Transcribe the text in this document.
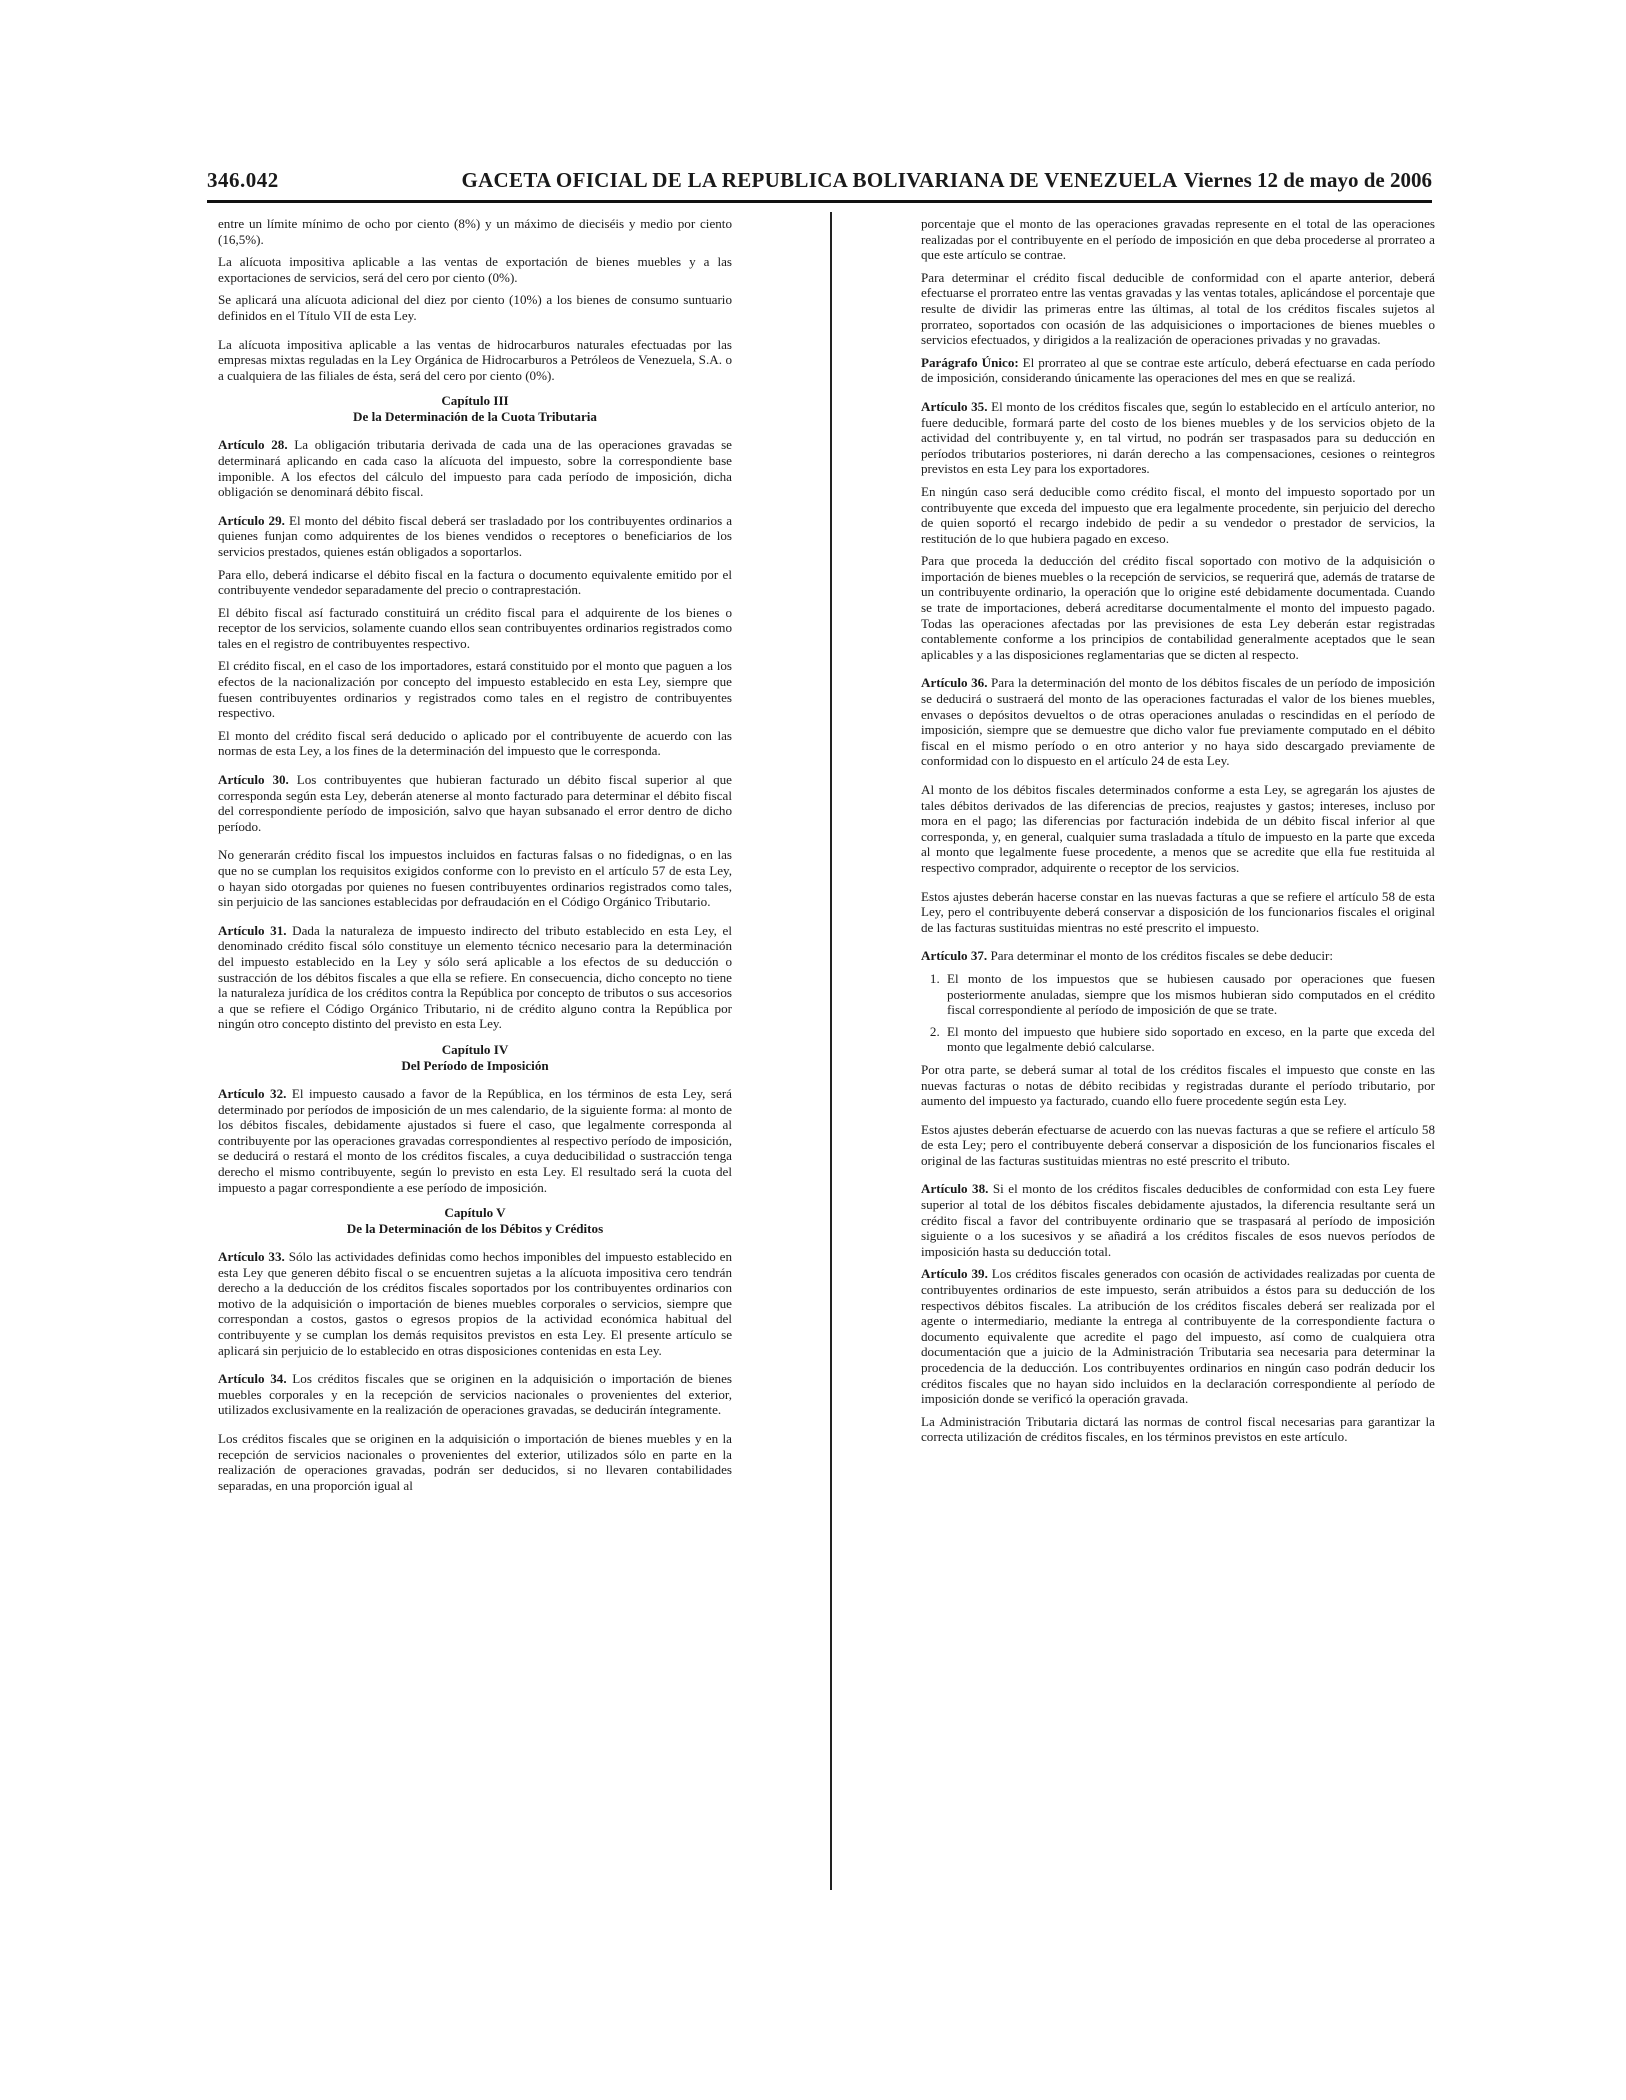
346.042	GACETA OFICIAL DE LA REPUBLICA BOLIVARIANA DE VENEZUELA Viernes 12 de mayo de 2006

entre un límite mínimo de ocho por ciento (8%) y un máximo de dieciséis y medio por ciento (16,5%).

La alícuota impositiva aplicable a las ventas de exportación de bienes muebles y a las exportaciones de servicios, será del cero por ciento (0%).

Se aplicará una alícuota adicional del diez por ciento (10%) a los bienes de consumo suntuario definidos en el Título VII de esta Ley.

La alícuota impositiva aplicable a las ventas de hidrocarburos naturales efectuadas por las empresas mixtas reguladas en la Ley Orgánica de Hidrocarburos a Petróleos de Venezuela, S.A. o a cualquiera de las filiales de ésta, será del cero por ciento (0%).

Capítulo III
De la Determinación de la Cuota Tributaria

Artículo 28. La obligación tributaria derivada de cada una de las operaciones gravadas se determinará aplicando en cada caso la alícuota del impuesto, sobre la correspondiente base imponible. A los efectos del cálculo del impuesto para cada período de imposición, dicha obligación se denominará débito fiscal.

Artículo 29. El monto del débito fiscal deberá ser trasladado por los contribuyentes ordinarios a quienes funjan como adquirentes de los bienes vendidos o receptores o beneficiarios de los servicios prestados, quienes están obligados a soportarlos.

Para ello, deberá indicarse el débito fiscal en la factura o documento equivalente emitido por el contribuyente vendedor separadamente del precio o contraprestación.

El débito fiscal así facturado constituirá un crédito fiscal para el adquirente de los bienes o receptor de los servicios, solamente cuando ellos sean contribuyentes ordinarios registrados como tales en el registro de contribuyentes respectivo.

El crédito fiscal, en el caso de los importadores, estará constituido por el monto que paguen a los efectos de la nacionalización por concepto del impuesto establecido en esta Ley, siempre que fuesen contribuyentes ordinarios y registrados como tales en el registro de contribuyentes respectivo.

El monto del crédito fiscal será deducido o aplicado por el contribuyente de acuerdo con las normas de esta Ley, a los fines de la determinación del impuesto que le corresponda.

Artículo 30. Los contribuyentes que hubieran facturado un débito fiscal superior al que corresponda según esta Ley, deberán atenerse al monto facturado para determinar el débito fiscal del correspondiente período de imposición, salvo que hayan subsanado el error dentro de dicho período.

No generarán crédito fiscal los impuestos incluidos en facturas falsas o no fidedignas, o en las que no se cumplan los requisitos exigidos conforme con lo previsto en el artículo 57 de esta Ley, o hayan sido otorgadas por quienes no fuesen contribuyentes ordinarios registrados como tales, sin perjuicio de las sanciones establecidas por defraudación en el Código Orgánico Tributario.

Artículo 31. Dada la naturaleza de impuesto indirecto del tributo establecido en esta Ley, el denominado crédito fiscal sólo constituye un elemento técnico necesario para la determinación del impuesto establecido en la Ley y sólo será aplicable a los efectos de su deducción o sustracción de los débitos fiscales a que ella se refiere. En consecuencia, dicho concepto no tiene la naturaleza jurídica de los créditos contra la República por concepto de tributos o sus accesorios a que se refiere el Código Orgánico Tributario, ni de crédito alguno contra la República por ningún otro concepto distinto del previsto en esta Ley.

Capítulo IV
Del Período de Imposición

Artículo 32. El impuesto causado a favor de la República, en los términos de esta Ley, será determinado por períodos de imposición de un mes calendario, de la siguiente forma: al monto de los débitos fiscales, debidamente ajustados si fuere el caso, que legalmente corresponda al contribuyente por las operaciones gravadas correspondientes al respectivo período de imposición, se deducirá o restará el monto de los créditos fiscales, a cuya deducibilidad o sustracción tenga derecho el mismo contribuyente, según lo previsto en esta Ley. El resultado será la cuota del impuesto a pagar correspondiente a ese período de imposición.

Capítulo V
De la Determinación de los Débitos y Créditos

Artículo 33. Sólo las actividades definidas como hechos imponibles del impuesto establecido en esta Ley que generen débito fiscal o se encuentren sujetas a la alícuota impositiva cero tendrán derecho a la deducción de los créditos fiscales soportados por los contribuyentes ordinarios con motivo de la adquisición o importación de bienes muebles corporales o servicios, siempre que correspondan a costos, gastos o egresos propios de la actividad económica habitual del contribuyente y se cumplan los demás requisitos previstos en esta Ley. El presente artículo se aplicará sin perjuicio de lo establecido en otras disposiciones contenidas en esta Ley.

Artículo 34. Los créditos fiscales que se originen en la adquisición o importación de bienes muebles corporales y en la recepción de servicios nacionales o provenientes del exterior, utilizados exclusivamente en la realización de operaciones gravadas, se deducirán íntegramente.

Los créditos fiscales que se originen en la adquisición o importación de bienes muebles y en la recepción de servicios nacionales o provenientes del exterior, utilizados sólo en parte en la realización de operaciones gravadas, podrán ser deducidos, si no llevaren contabilidades separadas, en una proporción igual al

porcentaje que el monto de las operaciones gravadas represente en el total de las operaciones realizadas por el contribuyente en el período de imposición en que deba procederse al prorrateo a que este artículo se contrae.

Para determinar el crédito fiscal deducible de conformidad con el aparte anterior, deberá efectuarse el prorrateo entre las ventas gravadas y las ventas totales, aplicándose el porcentaje que resulte de dividir las primeras entre las últimas, al total de los créditos fiscales sujetos al prorrateo, soportados con ocasión de las adquisiciones o importaciones de bienes muebles o servicios efectuados, y dirigidos a la realización de operaciones privadas y no gravadas.

Parágrafo Único: El prorrateo al que se contrae este artículo, deberá efectuarse en cada período de imposición, considerando únicamente las operaciones del mes en que se realizá.

Artículo 35. El monto de los créditos fiscales que, según lo establecido en el artículo anterior, no fuere deducible, formará parte del costo de los bienes muebles y de los servicios objeto de la actividad del contribuyente y, en tal virtud, no podrán ser traspasados para su deducción en períodos tributarios posteriores, ni darán derecho a las compensaciones, cesiones o reintegros previstos en esta Ley para los exportadores.

En ningún caso será deducible como crédito fiscal, el monto del impuesto soportado por un contribuyente que exceda del impuesto que era legalmente procedente, sin perjuicio del derecho de quien soportó el recargo indebido de pedir a su vendedor o prestador de servicios, la restitución de lo que hubiera pagado en exceso.

Para que proceda la deducción del crédito fiscal soportado con motivo de la adquisición o importación de bienes muebles o la recepción de servicios, se requerirá que, además de tratarse de un contribuyente ordinario, la operación que lo origine esté debidamente documentada. Cuando se trate de importaciones, deberá acreditarse documentalmente el monto del impuesto pagado. Todas las operaciones afectadas por las previsiones de esta Ley deberán estar registradas contablemente conforme a los principios de contabilidad generalmente aceptados que le sean aplicables y a las disposiciones reglamentarias que se dicten al respecto.

Artículo 36. Para la determinación del monto de los débitos fiscales de un período de imposición se deducirá o sustraerá del monto de las operaciones facturadas el valor de los bienes muebles, envases o depósitos devueltos o de otras operaciones anuladas o rescindidas en el período de imposición, siempre que se demuestre que dicho valor fue previamente computado en el débito fiscal en el mismo período o en otro anterior y no haya sido descargado previamente de conformidad con lo dispuesto en el artículo 24 de esta Ley.

Al monto de los débitos fiscales determinados conforme a esta Ley, se agregarán los ajustes de tales débitos derivados de las diferencias de precios, reajustes y gastos; intereses, incluso por mora en el pago; las diferencias por facturación indebida de un débito fiscal inferior al que corresponda, y, en general, cualquier suma trasladada a título de impuesto en la parte que exceda al monto que legalmente fuese procedente, a menos que se acredite que ella fue restituida al respectivo comprador, adquirente o receptor de los servicios.

Estos ajustes deberán hacerse constar en las nuevas facturas a que se refiere el artículo 58 de esta Ley, pero el contribuyente deberá conservar a disposición de los funcionarios fiscales el original de las facturas sustituidas mientras no esté prescrito el impuesto.

Artículo 37. Para determinar el monto de los créditos fiscales se debe deducir:

1. El monto de los impuestos que se hubiesen causado por operaciones que fuesen posteriormente anuladas, siempre que los mismos hubieran sido computados en el crédito fiscal correspondiente al período de imposición de que se trate.
2. El monto del impuesto que hubiere sido soportado en exceso, en la parte que exceda del monto que legalmente debió calcularse.

Por otra parte, se deberá sumar al total de los créditos fiscales el impuesto que conste en las nuevas facturas o notas de débito recibidas y registradas durante el período tributario, por aumento del impuesto ya facturado, cuando ello fuere procedente según esta Ley.

Estos ajustes deberán efectuarse de acuerdo con las nuevas facturas a que se refiere el artículo 58 de esta Ley; pero el contribuyente deberá conservar a disposición de los funcionarios fiscales el original de las facturas sustituidas mientras no esté prescrito el tributo.

Artículo 38. Si el monto de los créditos fiscales deducibles de conformidad con esta Ley fuere superior al total de los débitos fiscales debidamente ajustados, la diferencia resultante será un crédito fiscal a favor del contribuyente ordinario que se traspasará al período de imposición siguiente o a los sucesivos y se añadirá a los créditos fiscales de esos nuevos períodos de imposición hasta su deducción total.

Artículo 39. Los créditos fiscales generados con ocasión de actividades realizadas por cuenta de contribuyentes ordinarios de este impuesto, serán atribuidos a éstos para su deducción de los respectivos débitos fiscales. La atribución de los créditos fiscales deberá ser realizada por el agente o intermediario, mediante la entrega al contribuyente de la correspondiente factura o documento equivalente que acredite el pago del impuesto, así como de cualquiera otra documentación que a juicio de la Administración Tributaria sea necesaria para determinar la procedencia de la deducción. Los contribuyentes ordinarios en ningún caso podrán deducir los créditos fiscales que no hayan sido incluidos en la declaración correspondiente al período de imposición donde se verificó la operación gravada.

La Administración Tributaria dictará las normas de control fiscal necesarias para garantizar la correcta utilización de créditos fiscales, en los términos previstos en este artículo.
